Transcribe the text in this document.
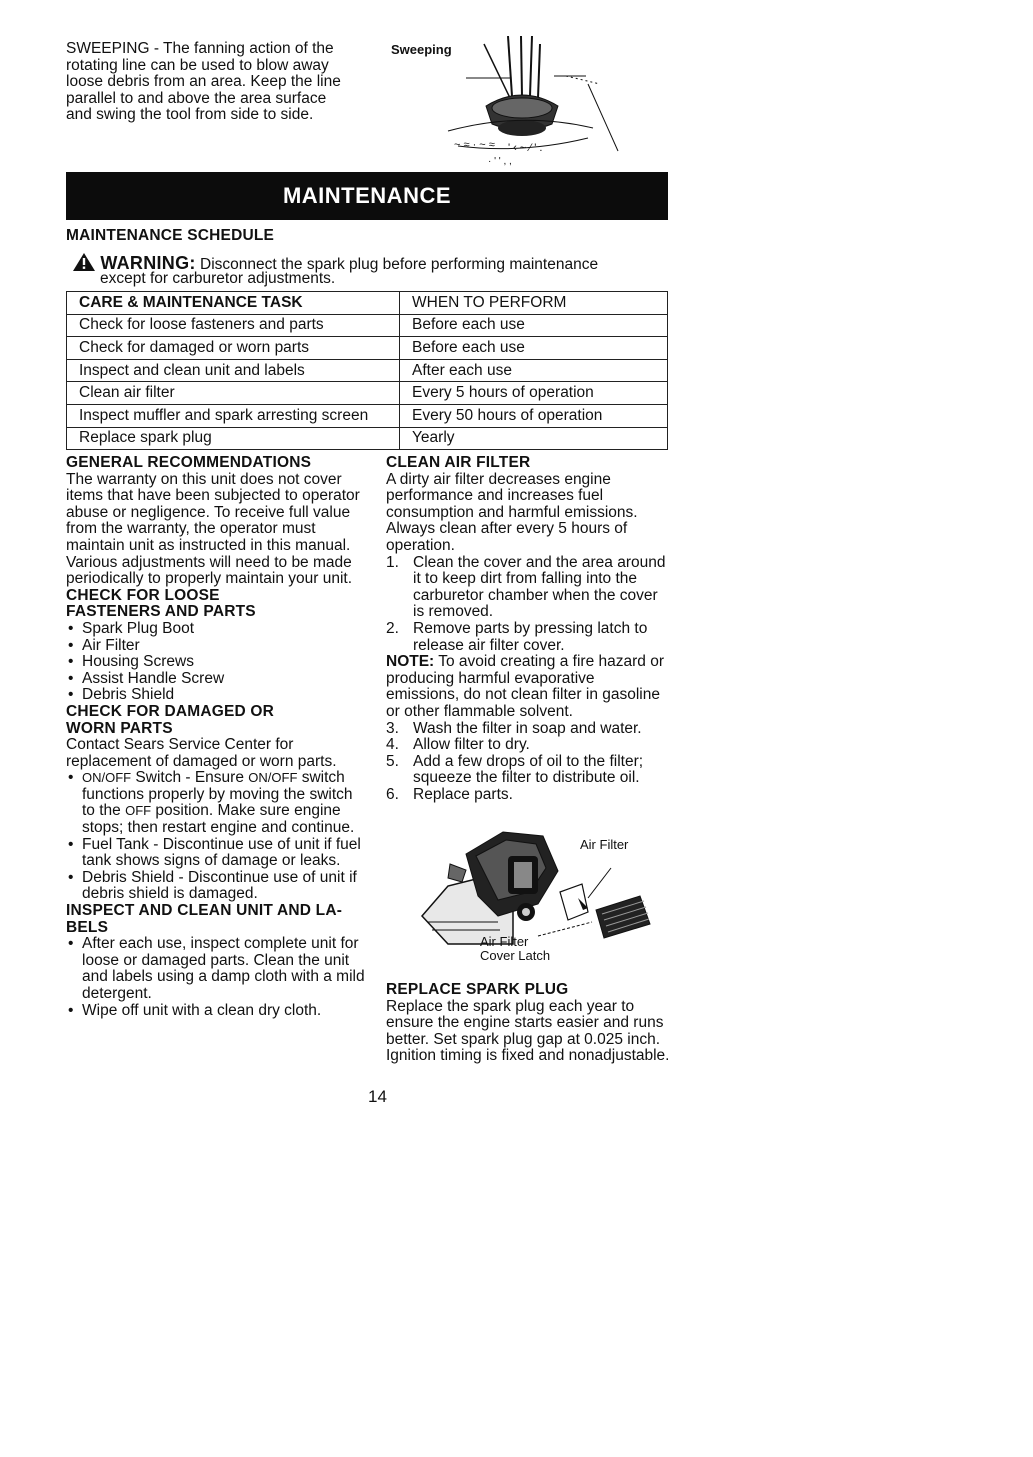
SWEEPING - The fanning action of the rotating line can be used to blow away loose debris from an area. Keep the line parallel to and above the area surface and swing the tool from side to side.

Sweeping
~ ≈ · ~ ≈ ' ‹ ~ ⁄ ' .
· ' ' , ,
MAINTENANCE

MAINTENANCE SCHEDULE

WARNING: Disconnect the spark plug before performing maintenance
except for carburetor adjustments.
CARE & MAINTENANCE TASK	WHEN TO PERFORM
Check for loose fasteners and parts	Before each use
Check for damaged or worn parts	Before each use
Inspect and clean unit and labels	After each use
Clean air filter	Every 5 hours of operation
Inspect muffler and spark arresting screen	Every 50 hours of operation
Replace spark plug	Yearly

GENERAL RECOMMENDATIONS

The warranty on this unit does not cover items that have been subjected to operator abuse or negligence. To receive full value from the warranty, the operator must maintain unit as instructed in this manual. Various adjustments will need to be made periodically to properly maintain your unit.

CHECK FOR LOOSE

FASTENERS AND PARTS

• Spark Plug Boot
• Air Filter
• Housing Screws
• Assist Handle Screw
• Debris Shield

CHECK FOR DAMAGED OR

WORN PARTS

Contact Sears Service Center for replacement of damaged or worn parts.

• ON/OFF Switch - Ensure ON/OFF switch functions properly by moving the switch to the OFF position. Make sure engine stops; then restart engine and continue.
• Fuel Tank - Discontinue use of unit if fuel tank shows signs of damage or leaks.
• Debris Shield - Discontinue use of unit if debris shield is damaged.

INSPECT AND CLEAN UNIT AND LA-

BELS

• After each use, inspect complete unit for loose or damaged parts. Clean the unit and labels using a damp cloth with a mild detergent.
• Wipe off unit with a clean dry cloth.

CLEAN AIR FILTER

A dirty air filter decreases engine performance and increases fuel consumption and harmful emissions. Always clean after every 5 hours of operation.

1. Clean the cover and the area around it to keep dirt from falling into the carburetor chamber when the cover is removed.
2. Remove parts by pressing latch to release air filter cover.

NOTE: To avoid creating a fire hazard or producing harmful evaporative emissions, do not clean filter in gasoline or other flammable solvent.

3. Wash the filter in soap and water.
4. Allow filter to dry.
5. Add a few drops of oil to the filter; squeeze the filter to distribute oil.
6. Replace parts.
Air Filter
Air Filter
Cover Latch

REPLACE SPARK PLUG

Replace the spark plug each year to ensure the engine starts easier and runs better. Set spark plug gap at 0.025 inch. Ignition timing is fixed and nonadjustable.

14
